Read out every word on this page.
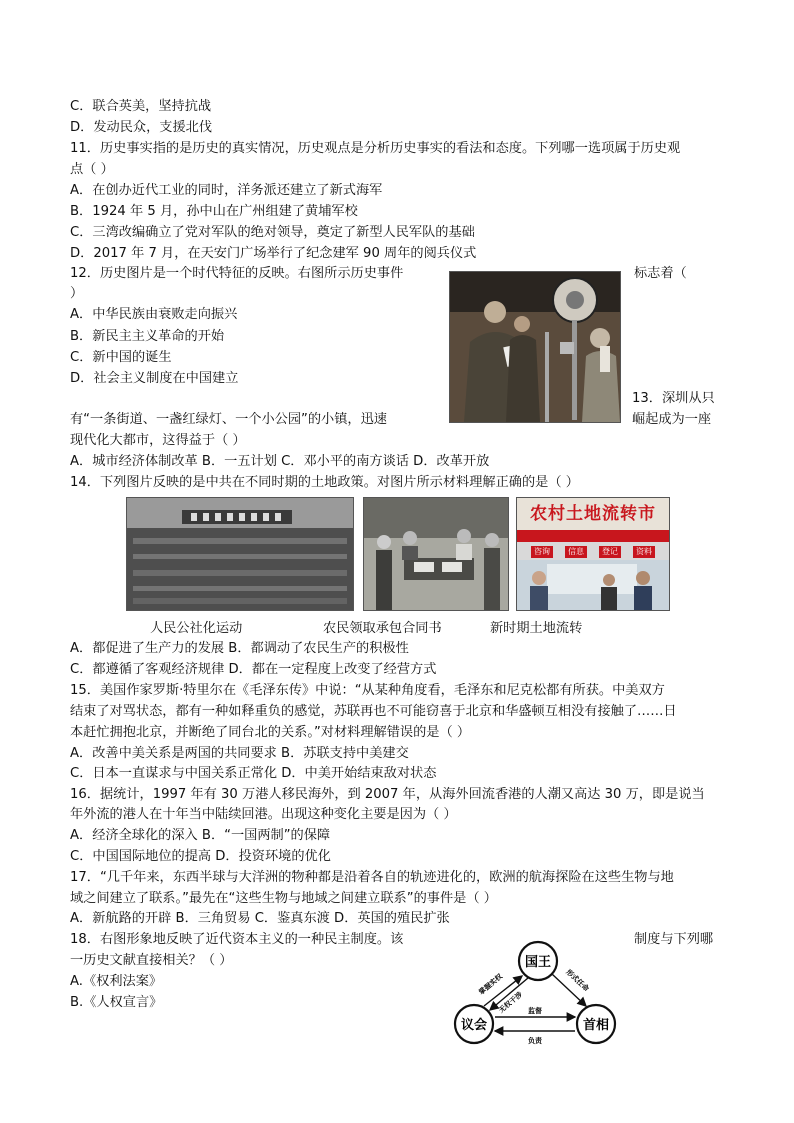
C．联合英美，坚持抗战
D．发动民众，支援北伐
11．历史事实指的是历史的真实情况，历史观点是分析历史事实的看法和态度。下列哪一选项属于历史观
点（ ）
A．在创办近代工业的同时，洋务派还建立了新式海军
B．1924 年 5 月，孙中山在广州组建了黄埔军校
C．三湾改编确立了党对军队的绝对领导，奠定了新型人民军队的基础
D．2017 年 7 月，在天安门广场举行了纪念建军 90 周年的阅兵仪式
12．历史图片是一个时代特征的反映。右图所示历史事件	标志着（
）
A．中华民族由衰败走向振兴
B．新民主主义革命的开始
C．新中国的诞生
D．社会主义制度在中国建立
13．深圳从只
有“一条街道、一盏红绿灯、一个小公园”的小镇，迅速	崛起成为一座
现代化大都市，这得益于（ ）
A．城市经济体制改革 B．一五计划 C．邓小平的南方谈话 D．改革开放
14．下列图片反映的是中共在不同时期的土地政策。对图片所示材料理解正确的是（ ）
农村土地流转市
咨询	信息	登记	资料
人民公社化运动	农民领取承包合同书	新时期土地流转
A．都促进了生产力的发展 B．都调动了农民生产的积极性
C．都遵循了客观经济规律 D．都在一定程度上改变了经营方式
15．美国作家罗斯·特里尔在《毛泽东传》中说：“从某种角度看，毛泽东和尼克松都有所获。中美双方
结束了对骂状态，都有一种如释重负的感觉，苏联再也不可能窃喜于北京和华盛顿互相没有接触了……日
本赶忙拥抱北京，并断绝了同台北的关系。”对材料理解错误的是（ ）
A．改善中美关系是两国的共同要求 B．苏联支持中美建交
C．日本一直谋求与中国关系正常化 D．中美开始结束敌对状态
16．据统计，1997 年有 30 万港人移民海外，到 2007 年，从海外回流香港的人潮又高达 30 万，即是说当
年外流的港人在十年当中陆续回港。出现这种变化主要是因为（ ）
A．经济全球化的深入 B．“一国两制”的保障
C．中国国际地位的提高 D．投资环境的优化
17．“几千年来，东西半球与大洋洲的物种都是沿着各自的轨迹进化的，欧洲的航海探险在这些生物与地
域之间建立了联系。”最先在“这些生物与地域之间建立联系”的事件是（ ）
A．新航路的开辟 B．三角贸易 C．鉴真东渡 D．英国的殖民扩张
18．右图形象地反映了近代资本主义的一种民主制度。该	制度与下列哪
一历史文献直接相关？（ ）
A.《权利法案》
B.《人权宣言》
国王
议会	首相
掌握实权
无权干涉
形式任命
监督
负责
